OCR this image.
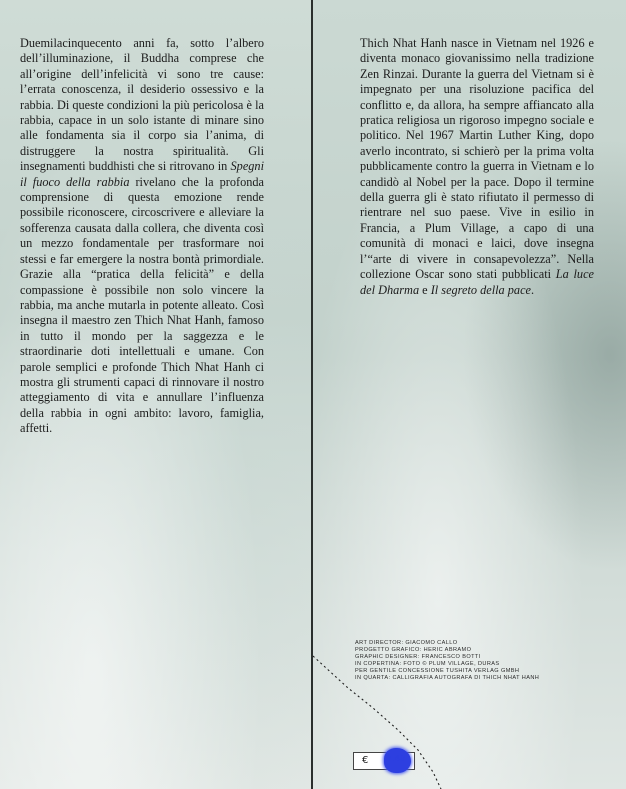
Duemilacinquecento anni fa, sotto l’albero dell’illuminazione, il Buddha comprese che all’origine dell’infelicità vi sono tre cause: l’errata conoscenza, il desiderio ossessivo e la rabbia. Di queste condizioni la più pericolosa è la rabbia, capace in un solo istante di minare sino alle fondamenta sia il corpo sia l’anima, di distruggere la nostra spiritualità. Gli insegnamenti buddhisti che si ritrovano in Spegni il fuoco della rabbia rivelano che la profonda comprensione di questa emozione rende possibile riconoscere, circoscrivere e alleviare la sofferenza causata dalla collera, che diventa così un mezzo fondamentale per trasformare noi stessi e far emergere la nostra bontà primordiale. Grazie alla “pratica della felicità” e della compassione è possibile non solo vincere la rabbia, ma anche mutarla in potente alleato. Così insegna il maestro zen Thich Nhat Hanh, famoso in tutto il mondo per la saggezza e le straordinarie doti intellettuali e umane. Con parole semplici e profonde Thich Nhat Hanh ci mostra gli strumenti capaci di rinnovare il nostro atteggiamento di vita e annullare l’influenza della rabbia in ogni ambito: lavoro, famiglia, affetti.

Thich Nhat Hanh nasce in Vietnam nel 1926 e diventa monaco giovanissimo nella tradizione Zen Rinzai. Durante la guerra del Vietnam si è impegnato per una risoluzione pacifica del conflitto e, da allora, ha sempre affiancato alla pratica religiosa un rigoroso impegno sociale e politico. Nel 1967 Martin Luther King, dopo averlo incontrato, si schierò per la prima volta pubblicamente contro la guerra in Vietnam e lo candidò al Nobel per la pace. Dopo il termine della guerra gli è stato rifiutato il permesso di rientrare nel suo paese. Vive in esilio in Francia, a Plum Village, a capo di una comunità di monaci e laici, dove insegna l’“arte di vivere in consapevolezza”. Nella collezione Oscar sono stati pubblicati La luce del Dharma e Il segreto della pace.

ART DIRECTOR: GIACOMO CALLO
PROGETTO GRAFICO: HERIC ABRAMO
GRAPHIC DESIGNER: FRANCESCO BOTTI
IN COPERTINA: FOTO © PLUM VILLAGE, DURAS
PER GENTILE CONCESSIONE TUSHITA VERLAG GMBH
IN QUARTA: CALLIGRAFIA AUTOGRAFA DI THICH NHAT HANH
€ 7,40
